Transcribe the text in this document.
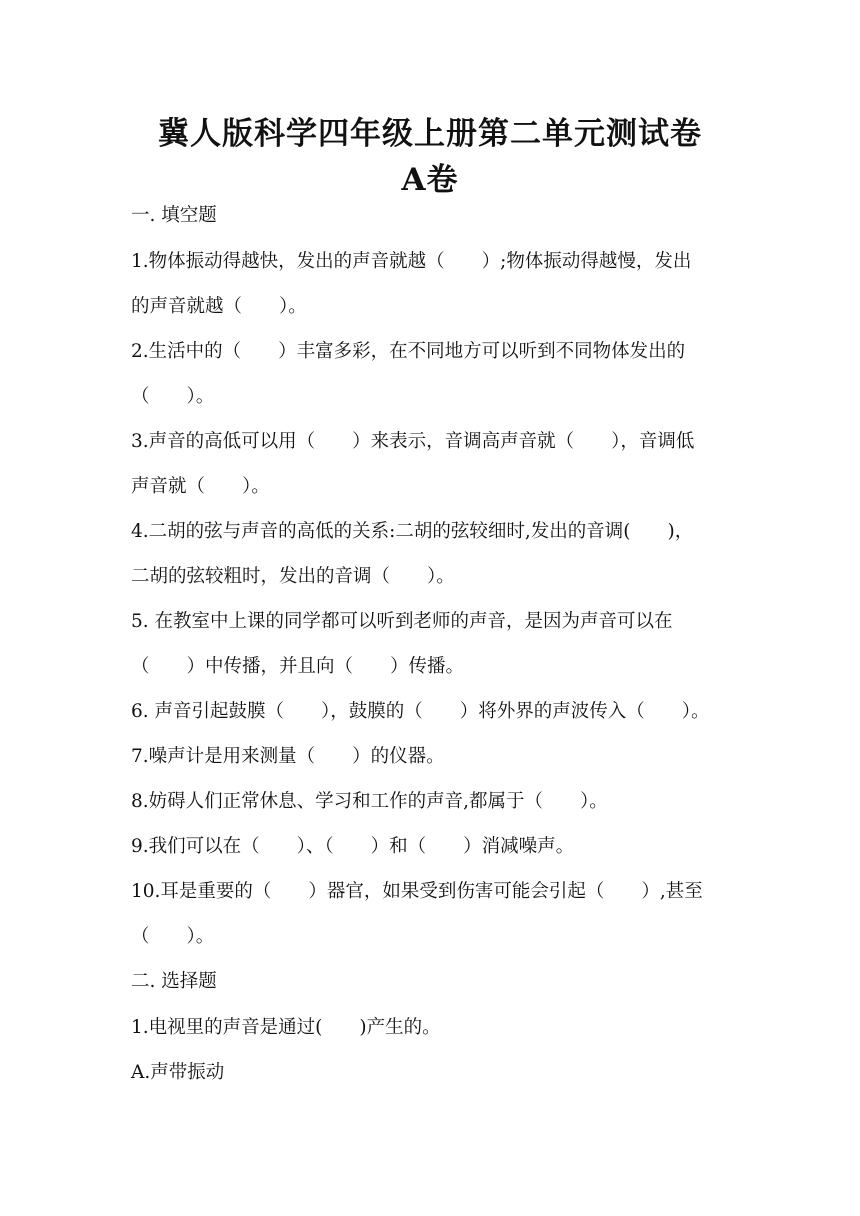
冀人版科学四年级上册第二单元测试卷
A卷
一. 填空题
1.物体振动得越快，发出的声音就越（　　）;物体振动得越慢，发出
的声音就越（　　）。
2.生活中的（　　）丰富多彩，在不同地方可以听到不同物体发出的
（　　）。
3.声音的高低可以用（　　）来表示，音调高声音就（　　），音调低
声音就（　　）。
4.二胡的弦与声音的高低的关系:二胡的弦较细时,发出的音调(　　)，
二胡的弦较粗时，发出的音调（　　）。
5. 在教室中上课的同学都可以听到老师的声音，是因为声音可以在
（　　）中传播，并且向（　　）传播。
6. 声音引起鼓膜（　　），鼓膜的（　　）将外界的声波传入（　　）。
7.噪声计是用来测量（　　）的仪器。
8.妨碍人们正常休息、学习和工作的声音,都属于（　　）。
9.我们可以在（　　）、（　　）和（　　）消减噪声。
10.耳是重要的（　　）器官，如果受到伤害可能会引起（　　）,甚至
（　　）。
二. 选择题
1.电视里的声音是通过(　　)产生的。
A.声带振动
